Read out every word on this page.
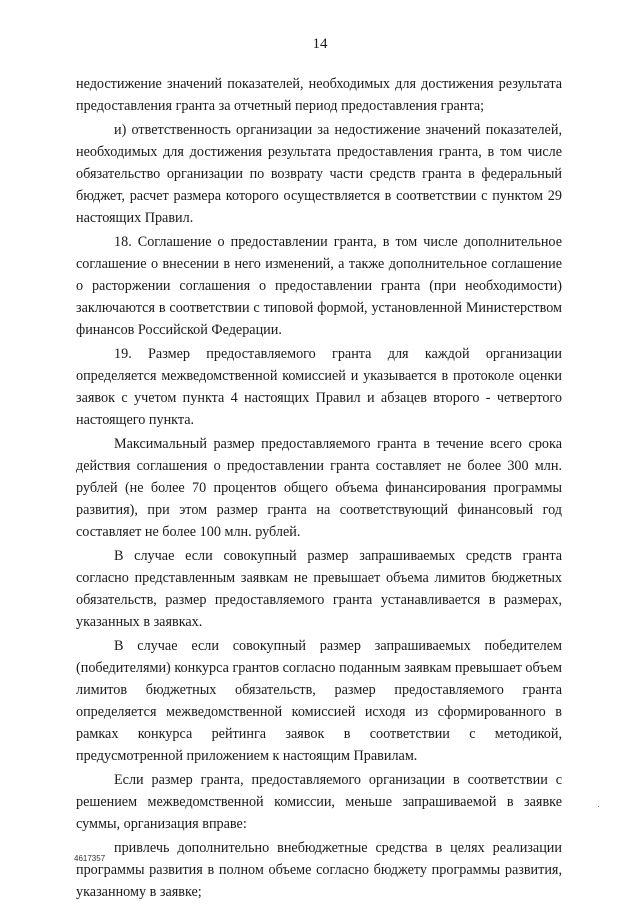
14

недостижение значений показателей, необходимых для достижения результата предоставления гранта за отчетный период предоставления гранта;

и) ответственность организации за недостижение значений показателей, необходимых для достижения результата предоставления гранта, в том числе обязательство организации по возврату части средств гранта в федеральный бюджет, расчет размера которого осуществляется в соответствии с пунктом 29 настоящих Правил.

18. Соглашение о предоставлении гранта, в том числе дополнительное соглашение о внесении в него изменений, а также дополнительное соглашение о расторжении соглашения о предоставлении гранта (при необходимости) заключаются в соответствии с типовой формой, установленной Министерством финансов Российской Федерации.

19. Размер предоставляемого гранта для каждой организации определяется межведомственной комиссией и указывается в протоколе оценки заявок с учетом пункта 4 настоящих Правил и абзацев второго - четвертого настоящего пункта.

Максимальный размер предоставляемого гранта в течение всего срока действия соглашения о предоставлении гранта составляет не более 300 млн. рублей (не более 70 процентов общего объема финансирования программы развития), при этом размер гранта на соответствующий финансовый год составляет не более 100 млн. рублей.

В случае если совокупный размер запрашиваемых средств гранта согласно представленным заявкам не превышает объема лимитов бюджетных обязательств, размер предоставляемого гранта устанавливается в размерах, указанных в заявках.

В случае если совокупный размер запрашиваемых победителем (победителями) конкурса грантов согласно поданным заявкам превышает объем лимитов бюджетных обязательств, размер предоставляемого гранта определяется межведомственной комиссией исходя из сформированного в рамках конкурса рейтинга заявок в соответствии с методикой, предусмотренной приложением к настоящим Правилам.

Если размер гранта, предоставляемого организации в соответствии с решением межведомственной комиссии, меньше запрашиваемой в заявке суммы, организация вправе:

привлечь дополнительно внебюджетные средства в целях реализации программы развития в полном объеме согласно бюджету программы развития, указанному в заявке;

4617357
